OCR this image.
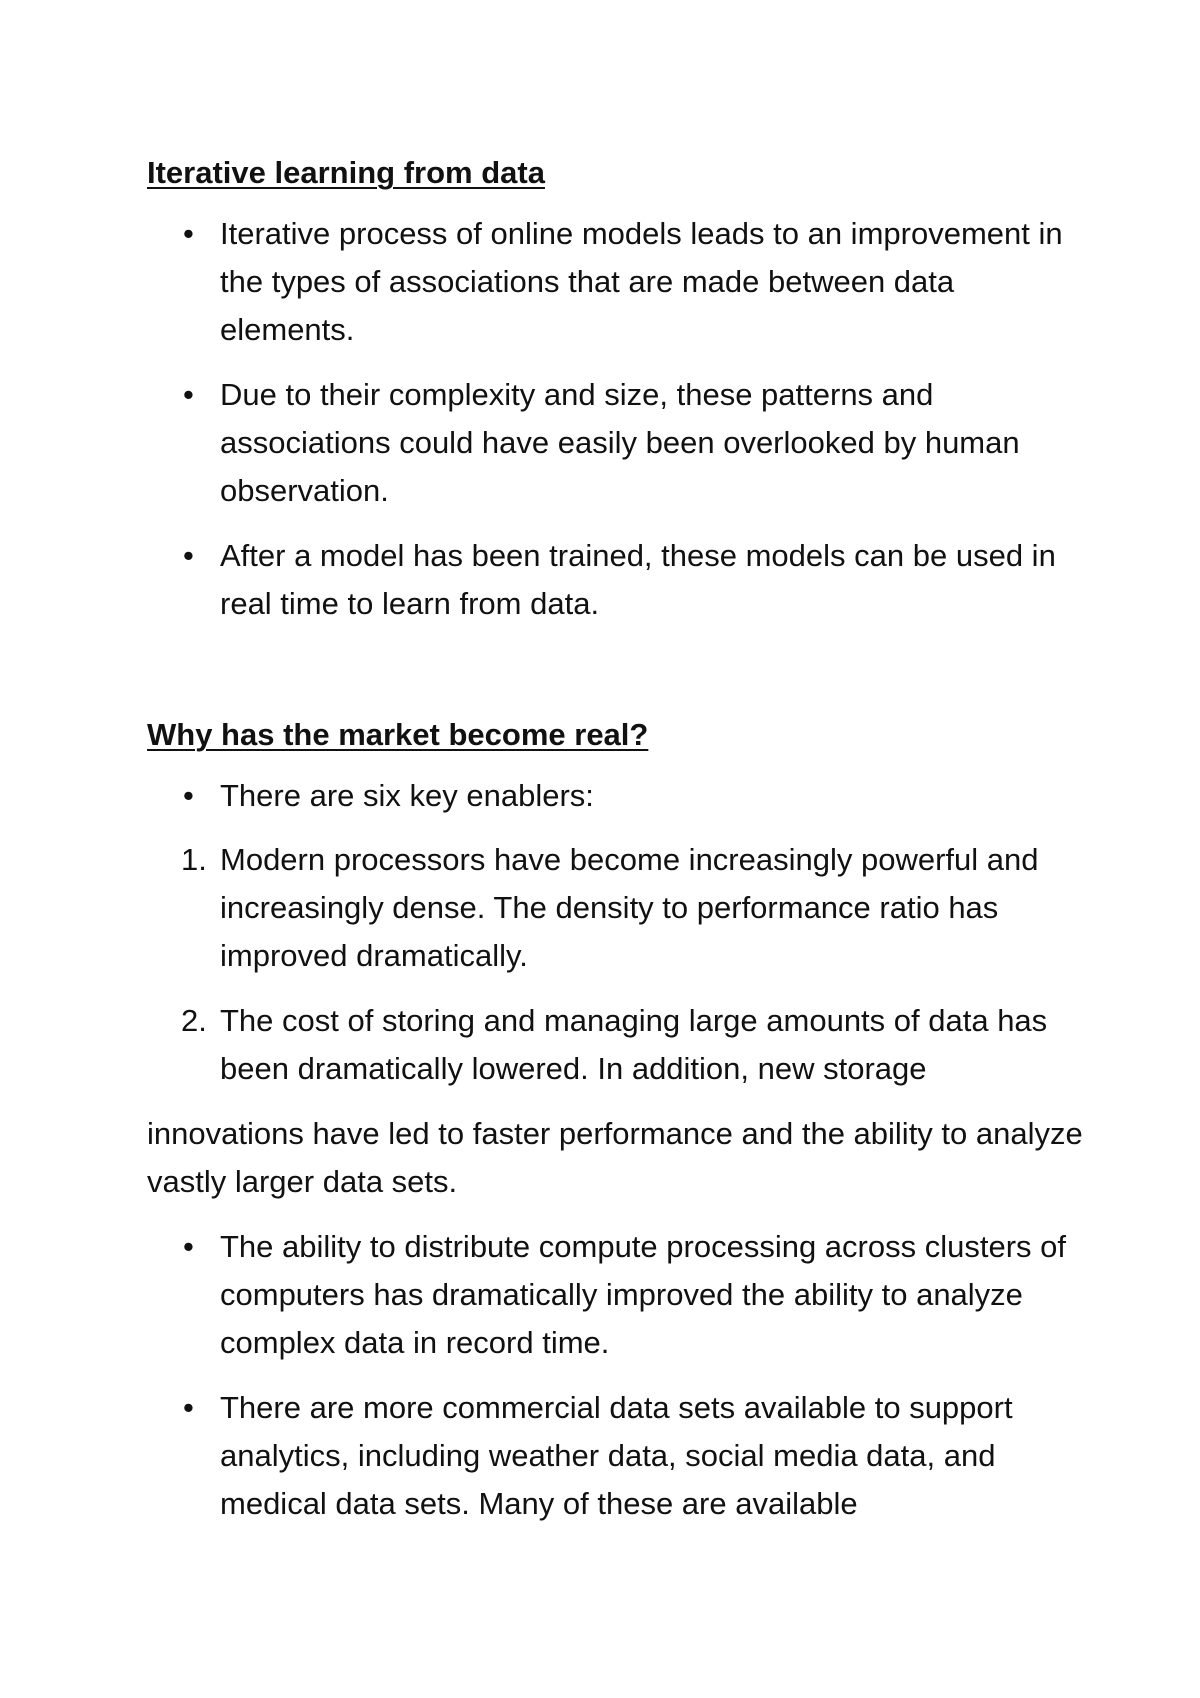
Iterative learning from data
• Iterative process of online models leads to an improvement in the types of associations that are made between data elements.
• Due to their complexity and size, these patterns and associations could have easily been overlooked by human observation.
• After a model has been trained, these models can be used in real time to learn from data.
Why has the market become real?
• There are six key enablers:
1. Modern processors have become increasingly powerful and increasingly dense. The density to performance ratio has improved dramatically.
2. The cost of storing and managing large amounts of data has been dramatically lowered. In addition, new storage

innovations have led to faster performance and the ability to analyze vastly larger data sets.

• The ability to distribute compute processing across clusters of computers has dramatically improved the ability to analyze complex data in record time.
• There are more commercial data sets available to support analytics, including weather data, social media data, and medical data sets. Many of these are available
